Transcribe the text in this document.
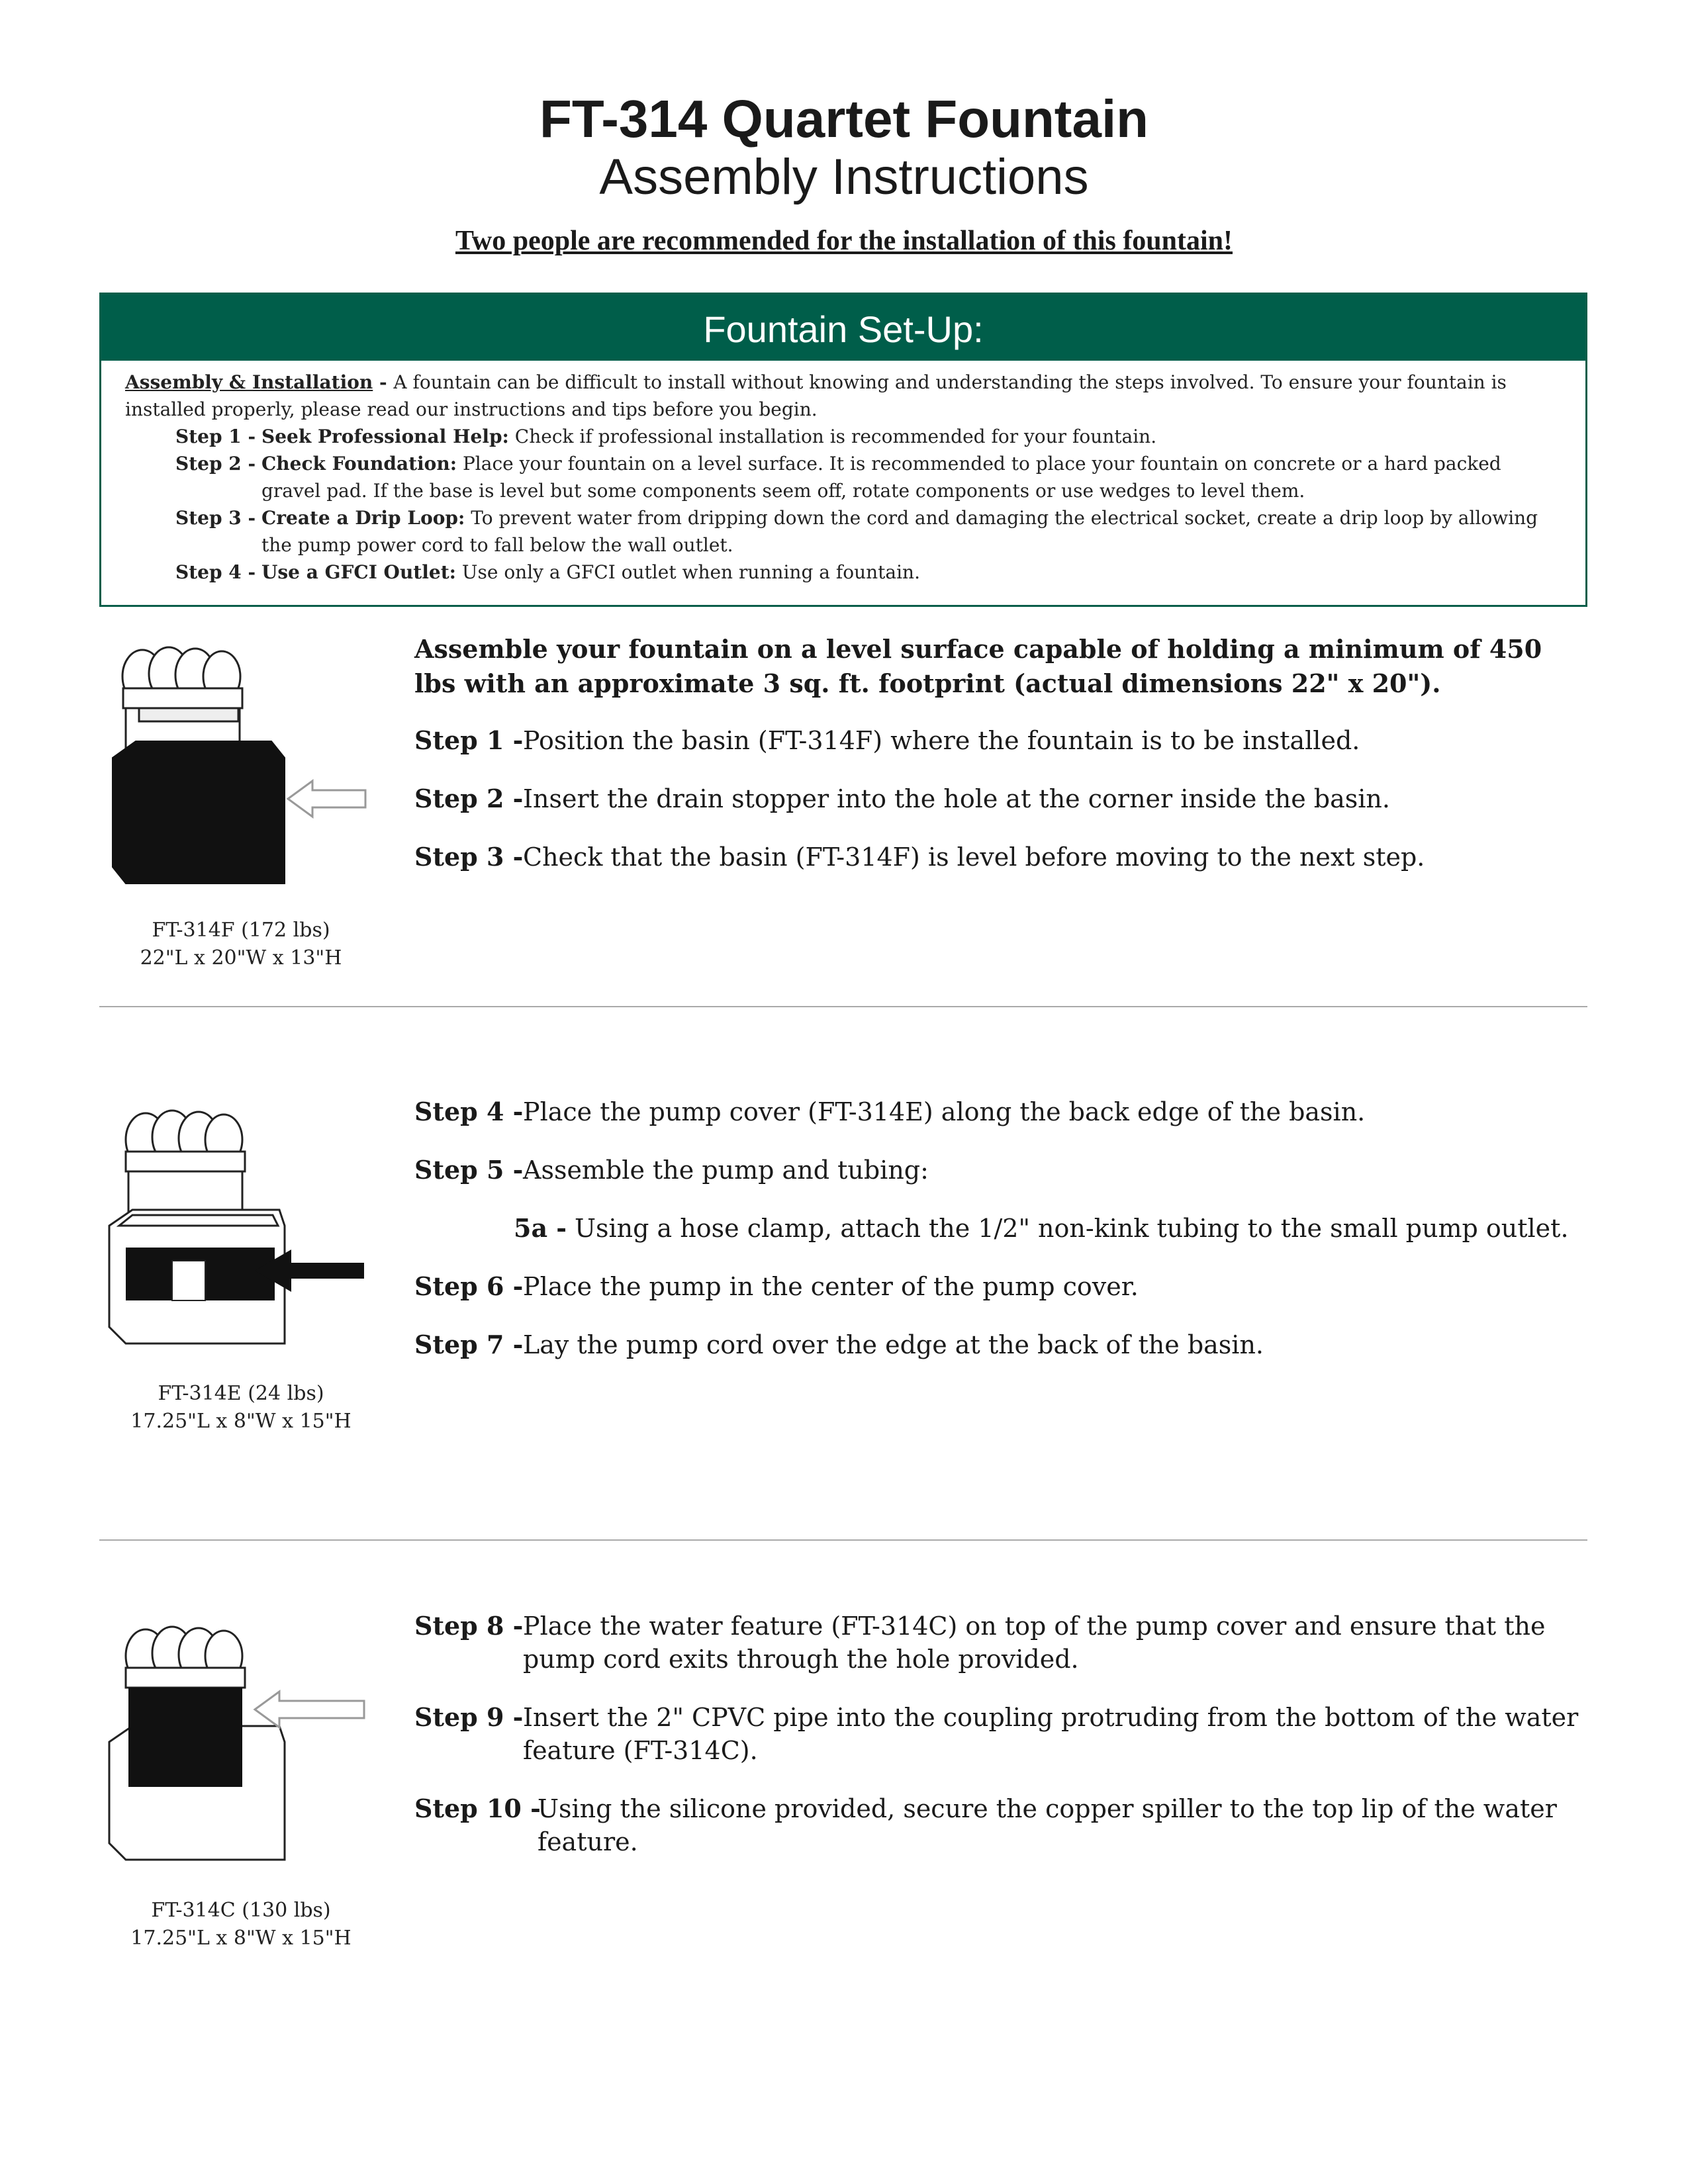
FT-314 Quartet Fountain
Assembly Instructions
Two people are recommended for the installation of this fountain!
Fountain Set-Up:
Assembly & Installation - A fountain can be difficult to install without knowing and understanding the steps involved. To ensure your fountain is installed properly, please read our instructions and tips before you begin.
Step 1 - Seek Professional Help: Check if professional installation is recommended for your fountain.
Step 2 - Check Foundation: Place your fountain on a level surface. It is recommended to place your fountain on concrete or a hard packed gravel pad. If the base is level but some components seem off, rotate components or use wedges to level them.
Step 3 - Create a Drip Loop: To prevent water from dripping down the cord and damaging the electrical socket, create a drip loop by allowing the pump power cord to fall below the wall outlet.
Step 4 - Use a GFCI Outlet: Use only a GFCI outlet when running a fountain.
FT-314F (172 lbs)
22"L x 20"W x 13"H
Assemble your fountain on a level surface capable of holding a minimum of 450 lbs with an approximate 3 sq. ft. footprint (actual dimensions 22" x 20").
Step 1 - Position the basin (FT-314F) where the fountain is to be installed.
Step 2 - Insert the drain stopper into the hole at the corner inside the basin.
Step 3 - Check that the basin (FT-314F) is level before moving to the next step.
FT-314E (24 lbs)
17.25"L x 8"W x 15"H
Step 4 - Place the pump cover (FT-314E) along the back edge of the basin.
Step 5 - Assemble the pump and tubing:
5a - Using a hose clamp, attach the 1/2" non-kink tubing to the small pump outlet.
Step 6 - Place the pump in the center of the pump cover.
Step 7 - Lay the pump cord over the edge at the back of the basin.
FT-314C (130 lbs)
17.25"L x 8"W x 15"H
Step 8 - Place the water feature (FT-314C) on top of the pump cover and ensure that the pump cord exits through the hole provided.
Step 9 - Insert the 2" CPVC pipe into the coupling protruding from the bottom of the water feature (FT-314C).
Step 10 -
Using the silicone provided, secure the copper spiller to the top lip of the water feature.
